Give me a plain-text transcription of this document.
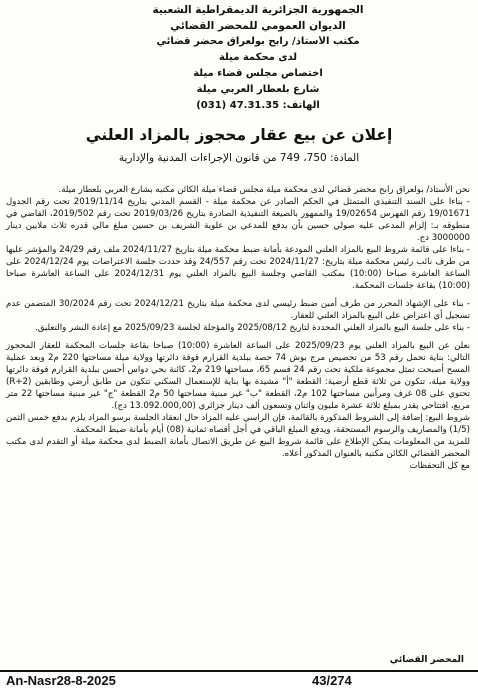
الجمهورية الجزائرية الديمقراطية الشعبية
الديوان العمومي للمحضر القضائي
مكتب الأستاذ/ رابح بولعراق محضر قضائي
لدى محكمة ميلة
اختصاص مجلس قضاء ميلة
شارع بلعطار العربي ميلة
الهاتف: 47.31.35 (031)
إعلان عن بيع عقار محجوز بالمزاد العلني
المادة: 750، 749 من قانون الإجراءات المدنية والإدارية

نحن الأستاذ/ بولعراق رابح محضر قضائي لدى محكمة ميلة مجلس قضاء ميلة الكائن مكتبه بشارع العربي بلعطار ميلة.

- بناءا على السند التنفيذي المتمثل في الحكم الصادر عن محكمة ميلة - القسم المدني بتاريخ 2019/11/14 تحت رقم الجدول 19/01671 رقم الفهرس 19/02654 والممهور بالصيغة التنفيذية الصادرة بتاريخ 2019/03/26 تحت رقم 2019/502، القاضي في منطوقه بـ: إلزام المدعى عليه صولي حسين بأن يدفع للمدعي بن علوية الشريف بن حسين مبلغ مالي قدره ثلاث ملايين دينار 3000000 دج.

- بناءا على قائمة شروط البيع بالمزاد العلني المودعة بأمانة ضبط محكمة ميلة بتاريخ 2024/11/27 ملف رقم 24/29 والمؤشر عليها من طرف نائب رئيس محكمة ميلة بتاريخ: 2024/11/27 تحت رقم 24/557 وقد حددت جلسة الاعتراضات يوم 2024/12/24 على الساعة العاشرة صباحا (10:00) بمكتب القاضي وجلسة البيع بالمزاد العلني يوم 2024/12/31 على الساعة العاشرة صباحا (10:00) بقاعة جلسات المحكمة.

- بناء على الإشهاد المحرر من طرف أمين ضبط رئيسي لدى محكمة ميلة بتاريخ 2024/12/21 تحت رقم 30/2024 المتضمن عدم تسجيل أي اعتراض على البيع بالمزاد العلني للعقار.

- بناء على جلسة البيع بالمزاد العلني المحددة لتاريخ 2025/08/12 والمؤجلة لجلسة 2025/09/23 مع إعادة النشر والتعليق.

نعلن عن البيع بالمزاد العلني يوم 2025/09/23 على الساعة العاشرة (10:00) صباحا بقاعة جلسات المحكمة للعقار المحجوز التالي: بناية تحمل رقم 53 من تحصيص مرج بوش 74 حصة ببلدية القرارم قوقة دائرتها وولاية ميلة مساحتها 220 م2 وبعد عملية المسح أصبحت تمثل مجموعة ملكية تحت رقم 24 قسم 65، مساحتها 219 م2، كائنة بحي دواس أحسن ببلدية القرارم قوقة دائرتها وولاية ميلة، تتكون من ثلاثة قطع أرضية: القطعة "أ" مشيدة بها بناية للإستعمال السكني تتكون من طابق أرضي وطابقين (R+2) تحتوي على 08 غرف ومرأبين مساحتها 102 م2، القطعة "ب" غير مبنية مساحتها 50 م2 القطعة "ج" غير مبنية مساحتها 22 متر مربع، افتتاحي يقدر بمبلغ ثلاثة عشرة مليون واثنان وتسعون ألف دينار جزائري (13.092.000,00 دج).

شروط البيع: إضافة إلى الشروط المذكورة بالقائمة، فإن الراسي عليه المزاد حال انعقاد الجلسة برسو المزاد يلزم بدفع خمس الثمن (1/5) والمصاريف والرسوم المستحقة، ويدفع المبلغ الباقي في أجل أقصاه ثمانية (08) أيام بأمانة ضبط المحكمة.

للمزيد من المعلومات يمكن الإطلاع على قائمة شروط البيع عن طريق الاتصال بأمانة الضبط لدى محكمة ميلة أو التقدم لدى مكتب المحضر القضائي الكائن مكتبه بالعنوان المذكور أعلاه.

مع كل التحفظات

المحضر القضائي
An-Nasr28-8-2025	43/274
